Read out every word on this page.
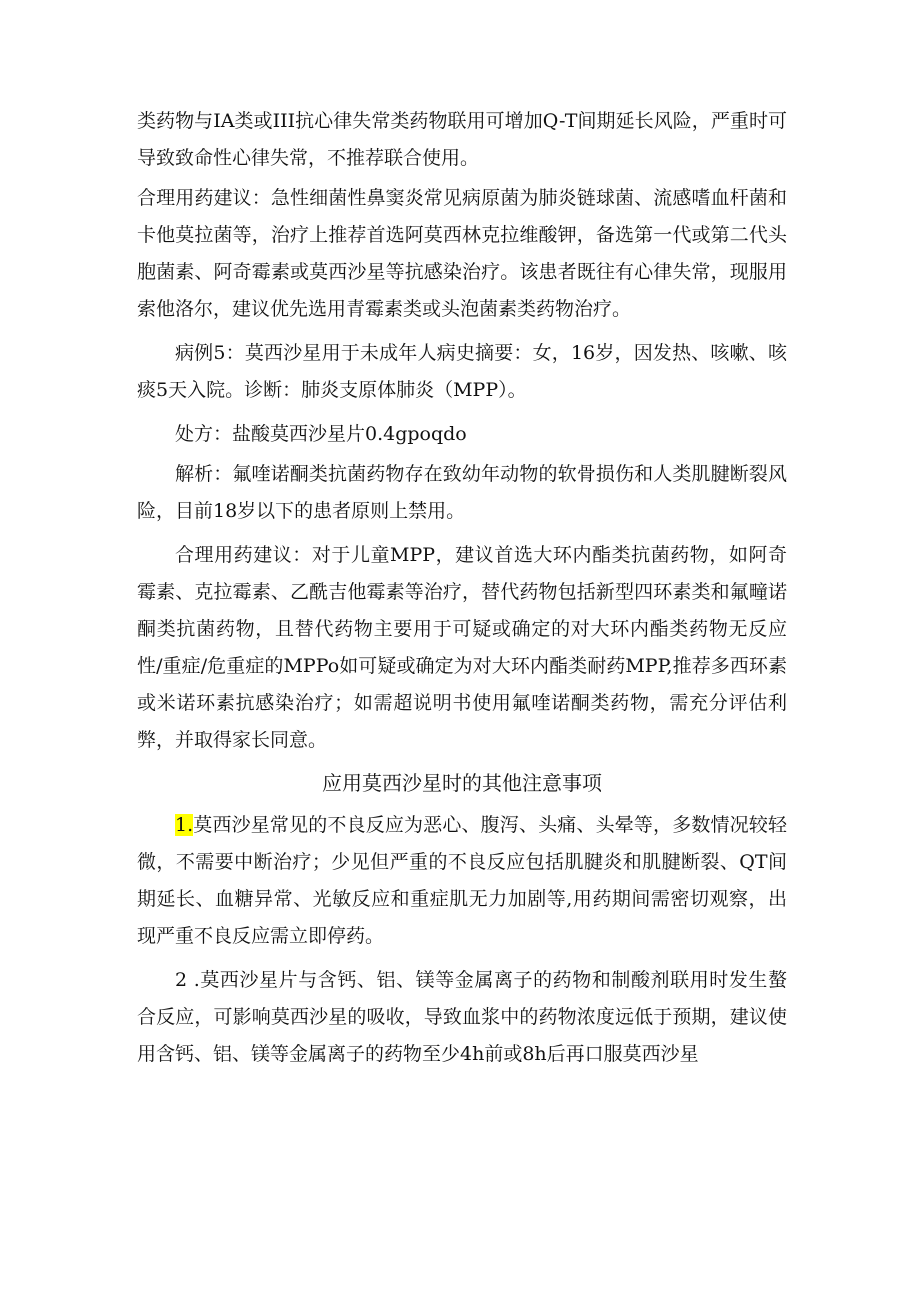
类药物与IA类或III抗心律失常类药物联用可增加Q-T间期延长风险，严重时可导致致命性心律失常，不推荐联合使用。

合理用药建议：急性细菌性鼻窦炎常见病原菌为肺炎链球菌、流感嗜血杆菌和卡他莫拉菌等，治疗上推荐首选阿莫西林克拉维酸钾，备选第一代或第二代头胞菌素、阿奇霉素或莫西沙星等抗感染治疗。该患者既往有心律失常，现服用索他洛尔，建议优先选用青霉素类或头泡菌素类药物治疗。

病例5：莫西沙星用于未成年人病史摘要：女，16岁，因发热、咳嗽、咳痰5天入院。诊断：肺炎支原体肺炎（MPP）。

处方：盐酸莫西沙星片0.4gpoqdo

解析：氟喹诺酮类抗菌药物存在致幼年动物的软骨损伤和人类肌腱断裂风险，目前18岁以下的患者原则上禁用。

合理用药建议：对于儿童MPP，建议首选大环内酯类抗菌药物，如阿奇霉素、克拉霉素、乙酰吉他霉素等治疗，替代药物包括新型四环素类和氟疃诺酮类抗菌药物，且替代药物主要用于可疑或确定的对大环内酯类药物无反应性/重症/危重症的MPPo如可疑或确定为对大环内酯类耐药MPP,推荐多西环素或米诺环素抗感染治疗；如需超说明书使用氟喹诺酮类药物，需充分评估利弊，并取得家长同意。

应用莫西沙星时的其他注意事项

1.莫西沙星常见的不良反应为恶心、腹泻、头痛、头晕等，多数情况较轻微，不需要中断治疗；少见但严重的不良反应包括肌腱炎和肌腱断裂、QT间期延长、血糖异常、光敏反应和重症肌无力加剧等,用药期间需密切观察，出现严重不良反应需立即停药。

2 .莫西沙星片与含钙、铝、镁等金属离子的药物和制酸剂联用时发生螯合反应，可影响莫西沙星的吸收，导致血浆中的药物浓度远低于预期，建议使用含钙、铝、镁等金属离子的药物至少4h前或8h后再口服莫西沙星
